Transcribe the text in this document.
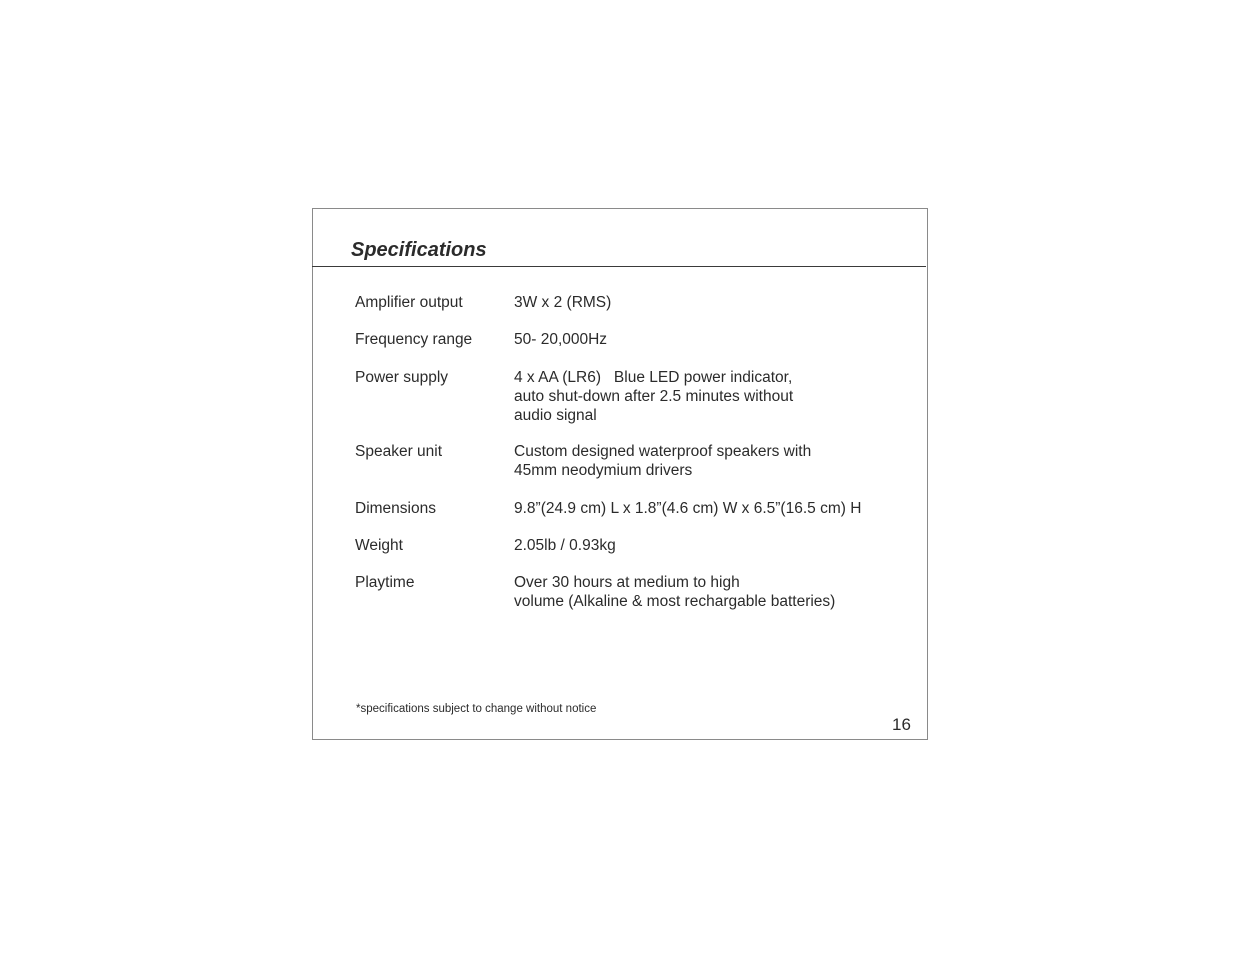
Specifications
Amplifier output	3W x 2 (RMS)
Frequency range	50- 20,000Hz
Power supply	4 x AA (LR6)   Blue LED power indicator,
auto shut-down after 2.5 minutes without
audio signal
Speaker unit	Custom designed waterproof speakers with
45mm neodymium drivers
Dimensions	9.8”(24.9 cm) L x 1.8”(4.6 cm) W x 6.5”(16.5 cm) H
Weight	2.05lb / 0.93kg
Playtime	Over 30 hours at medium to high
volume (Alkaline & most rechargable batteries)
*specifications subject to change without notice
16
